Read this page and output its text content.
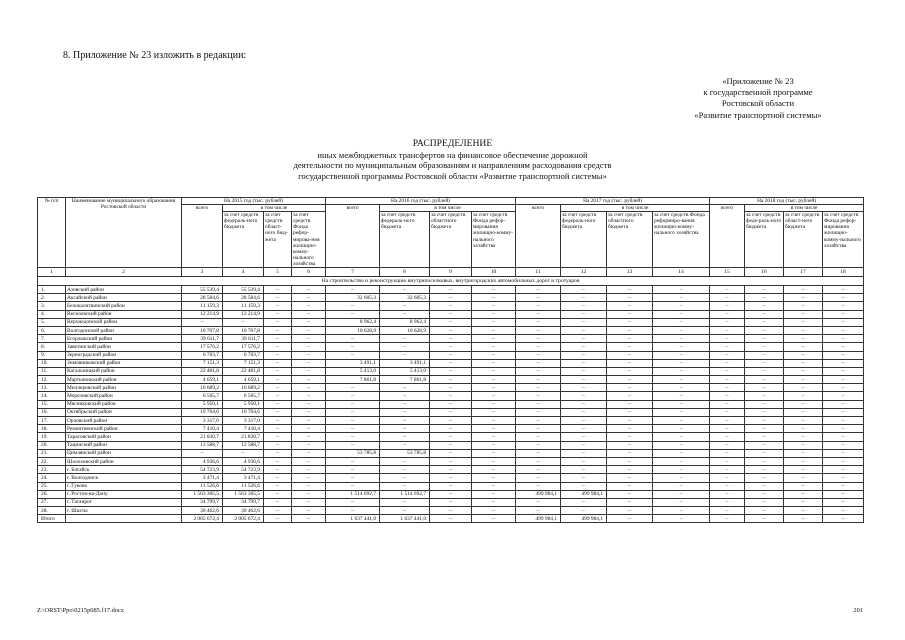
8. Приложение № 23 изложить в редакции:
«Приложение № 23
к государственной программе
Ростовской области
«Развитие транспортной системы»
РАСПРЕДЕЛЕНИЕ
иных межбюджетных трансфертов на финансовое обеспечение дорожной
деятельности по муниципальным образованиям и направлениям расходования средств
государственной программы Ростовской области «Развитие транспортной системы»
№ п/п	Наименование муниципального образования Ростовской области	На 2015 год (тыс. рублей)				На 2016 год (тыс. рублей)				На 2017 год (тыс. рублей)				На 2018 год (тыс. рублей)			
		всего	в том числе			всего	в том числе			всего	в том числе			всего	в том числе		
			за счет средств федераль-ного бюджета	за счет средств област-ного бюд-жета	за счет средств Фонда рефор-мирова-ния жилищно-комму-нального хозяйства		за счет средств федераль-ного бюджета	за счет средств областного бюджета	за счет средств Фонда рефор-мирования жилищно-комму-нального хозяйства		за счет средств федераль-ного бюджета	за счет средств областного бюджета	за счет средств Фонда реформиро-вания жилищно-комму-нального хозяйства		за счет средств феде-раль-ного бюджета	за счет средств област-ного бюджета	за счет средств Фонда рефор-мирования жилищно-комму-нального хозяйства
1	2	3	4	5	6	7	8	9	10	11	12	13	14	15	16	17	18
На строительство и реконструкцию внутрипоселковых, внутригородских автомобильных дорог и тротуаров																	
1.	Азовский район	55 539,4	55 539,4	–	–	–	–	–	–	–	–	–	–	–	–	–	–
2.	Аксайский район	28 584,6	28 584,6	–	–	32 605,3	32 605,3	–	–	–	–	–	–	–	–	–	–
3.	Белокалитвинский район	11 159,3	11 159,3	–	–	–	–	–	–	–	–	–	–	–	–	–	–
4.	Веселовский район	12 214,9	12 214,9	–	–	–	–	–	–	–	–	–	–	–	–	–	–
5.	Верхнедонской район	–	–	–	–	8 962,4	8 962,4	–	–	–	–	–	–	–	–	–	–
6.	Волгодонской район	10 707,8	10 707,8	–	–	10 628,9	10 628,9	–	–	–	–	–	–	–	–	–	–
7.	Егорлыкский район	39 611,7	39 611,7	–	–	–	–	–	–	–	–	–	–	–	–	–	–
8.	Заветинский район	17 576,2	17 576,2	–	–	–	–	–	–	–	–	–	–	–	–	–	–
9.	Зерноградский район	6 703,7	6 703,7	–	–	–	–	–	–	–	–	–	–	–	–	–	–
10.	Зимовниковский район	7 151,3	7 151,3	–	–	3 491,1	3 491,1	–	–	–	–	–	–	–	–	–	–
11.	Кагальницкий район	22 481,8	22 481,8	–	–	5 413,0	5 413,0	–	–	–	–	–	–	–	–	–	–
12.	Мартыновский район	4 659,1	4 659,1	–	–	7 861,8	7 861,8	–	–	–	–	–	–	–	–	–	–
13.	Миллеровский район	16 689,2	16 689,2	–	–	–	–	–	–	–	–	–	–	–	–	–	–
14.	Морозовский район	6 565,7	6 565,7	–	–	–	–	–	–	–	–	–	–	–	–	–	–
15.	Мясниковский район	5 950,1	5 950,1	–	–	–	–	–	–	–	–	–	–	–	–	–	–
16.	Октябрьский район	10 704,6	10 704,6	–	–	–	–	–	–	–	–	–	–	–	–	–	–
17.	Орловский район	3 317,0	3 317,0	–	–	–	–	–	–	–	–	–	–	–	–	–	–
18.	Ремонтненский район	7 410,4	7 410,4	–	–	–	–	–	–	–	–	–	–	–	–	–	–
19.	Тарасовский район	21 830,7	21 830,7	–	–	–	–	–	–	–	–	–	–	–	–	–	–
20.	Тацинский район	13 588,7	13 588,7	–	–	–	–	–	–	–	–	–	–	–	–	–	–
21.	Цимлянский район	–	–	–	–	53 785,8	53 785,8	–	–	–	–	–	–	–	–	–	–
22.	Шолоховский район	4 936,6	4 936,6	–	–	–	–	–	–	–	–	–	–	–	–	–	–
23.	г. Батайск	54 723,9	54 723,9	–	–	–	–	–	–	–	–	–	–	–	–	–	–
24.	г. Волгодонск	3 471,4	3 471,4	–	–	–	–	–	–	–	–	–	–	–	–	–	–
25.	г. Гуково	11 526,6	11 526,6	–	–	–	–	–	–	–	–	–	–	–	–	–	–
26.	г. Ростов-на-Дону	1 563 305,5	1 563 305,5	–	–	1 514 692,7	1 514 692,7	–	–	499 984,1	499 984,1	–	–	–	–	–	–
27.	г. Таганрог	34 799,7	34 799,7	–	–	–	–	–	–	–	–	–	–	–	–	–	–
28.	г. Шахты	30 462,6	30 462,6	–	–	–	–	–	–	–	–	–	–	–	–	–	–
Итого		2 005 672,4	2 005 672,4	–	–	1 637 441,0	1 637 441,0	–	–	499 984,1	499 984,1	–	–	–	–	–	–
Z:\ORST\Ppo\0215p085.f17.docx	201
